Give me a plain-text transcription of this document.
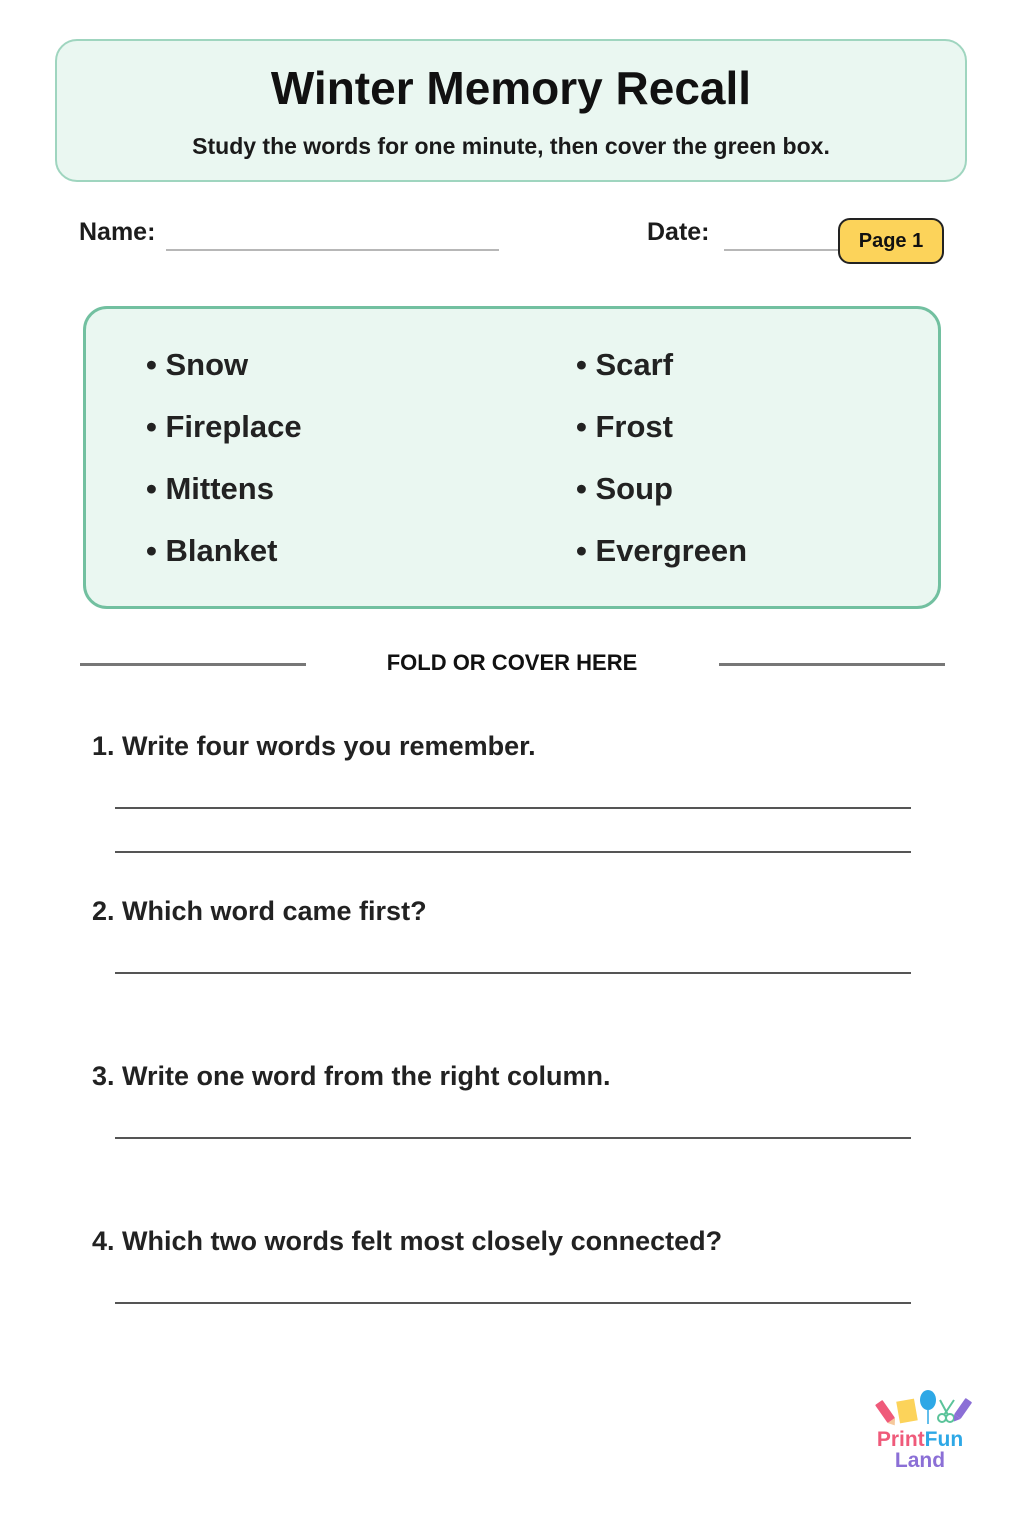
Winter Memory Recall
Study the words for one minute, then cover the green box.
Name:	Date:	Page 1
• Snow
• Fireplace
• Mittens
• Blanket
• Scarf
• Frost
• Soup
• Evergreen
FOLD OR COVER HERE
1. Write four words you remember.
2. Which word came first?
3. Write one word from the right column.
4. Which two words felt most closely connected?
PrintFun
Land
